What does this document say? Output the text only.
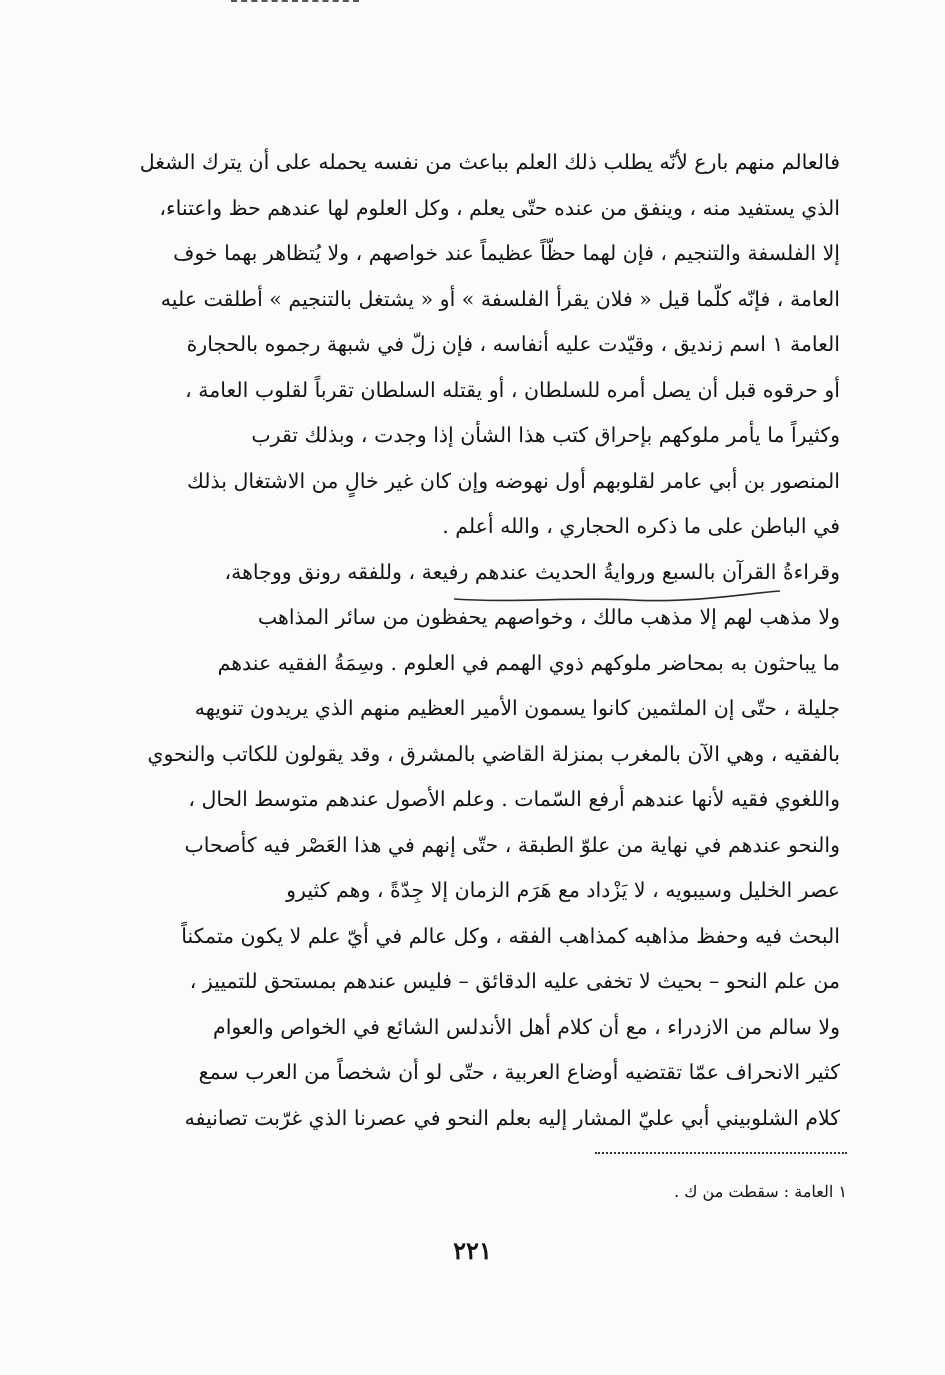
فالعالم منهم بارع لأنّه يطلب ذلك العلم بباعث من نفسه يحمله على أن يترك الشغل
الذي يستفيد منه ، وينفق من عنده حتّى يعلم ، وكل العلوم لها عندهم حظ واعتناء،
إلا الفلسفة والتنجيم ، فإن لهما حظّاً عظيماً عند خواصهم ، ولا يُتظاهر بهما خوف
العامة ، فإنّه كلّما قيل « فلان يقرأ الفلسفة » أو « يشتغل بالتنجيم » أطلقت عليه
العامة ١ اسم زنديق ، وقيّدت عليه أنفاسه ، فإن زلّ في شبهة رجموه بالحجارة
أو حرقوه قبل أن يصل أمره للسلطان ، أو يقتله السلطان تقرباً لقلوب العامة ،
وكثيراً ما يأمر ملوكهم بإحراق كتب هذا الشأن إذا وجدت ، وبذلك تقرب
المنصور بن أبي عامر لقلوبهم أول نهوضه وإن كان غير خالٍ من الاشتغال بذلك
في الباطن على ما ذكره الحجاري ، والله أعلم .
وقراءةُ القرآن بالسبع وروايةُ الحديث عندهم رفيعة ، وللفقه رونق ووجاهة،
ولا مذهب لهم إلا مذهب مالك ، وخواصهم يحفظون من سائر المذاهب
ما يباحثون به بمحاضر ملوكهم ذوي الهمم في العلوم . وسِمَةُ الفقيه عندهم
جليلة ، حتّى إن الملثمين كانوا يسمون الأمير العظيم منهم الذي يريدون تنويهه
بالفقيه ، وهي الآن بالمغرب بمنزلة القاضي بالمشرق ، وقد يقولون للكاتب والنحوي
واللغوي فقيه لأنها عندهم أرفع السّمات . وعلم الأصول عندهم متوسط الحال ،
والنحو عندهم في نهاية من علوّ الطبقة ، حتّى إنهم في هذا العَصْر فيه كأصحاب
عصر الخليل وسيبويه ، لا يَزْداد مع هَرَم الزمان إلا جِدّةً ، وهم كثيرو
البحث فيه وحفظ مذاهبه كمذاهب الفقه ، وكل عالم في أيّ علم لا يكون متمكناً
من علم النحو – بحيث لا تخفى عليه الدقائق – فليس عندهم بمستحق للتمييز ،
ولا سالم من الازدراء ، مع أن كلام أهل الأندلس الشائع في الخواص والعوام
كثير الانحراف عمّا تقتضيه أوضاع العربية ، حتّى لو أن شخصاً من العرب سمع
كلام الشلوبيني أبي عليّ المشار إليه بعلم النحو في عصرنا الذي غرّبت تصانيفه
١ العامة : سقطت من ك .
٢٢١
